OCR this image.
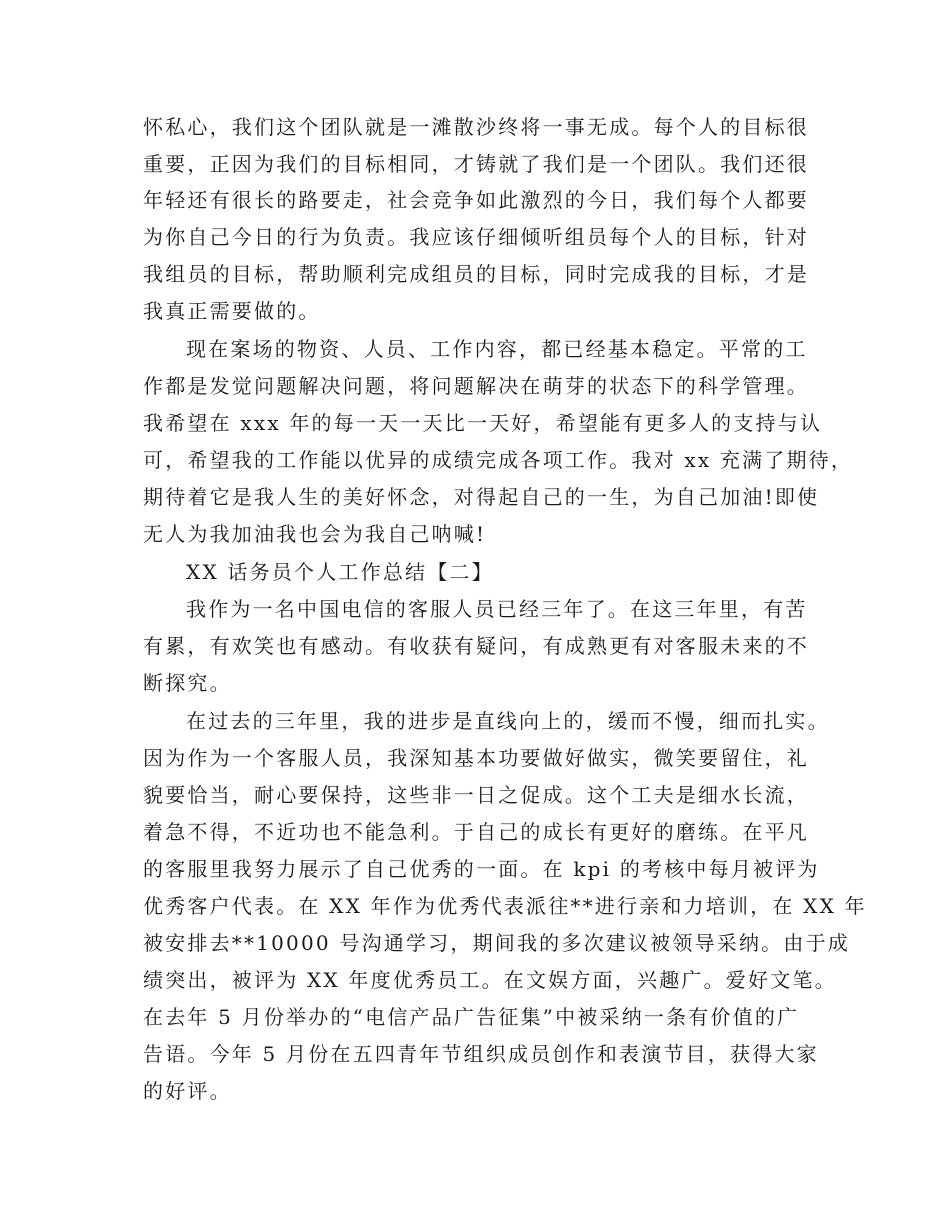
怀私心，我们这个团队就是一滩散沙终将一事无成。每个人的目标很

重要，正因为我们的目标相同，才铸就了我们是一个团队。我们还很

年轻还有很长的路要走，社会竞争如此激烈的今日，我们每个人都要

为你自己今日的行为负责。我应该仔细倾听组员每个人的目标，针对

我组员的目标，帮助顺利完成组员的目标，同时完成我的目标，才是

我真正需要做的。

现在案场的物资、人员、工作内容，都已经基本稳定。平常的工

作都是发觉问题解决问题，将问题解决在萌芽的状态下的科学管理。

我希望在 xxx 年的每一天一天比一天好，希望能有更多人的支持与认

可，希望我的工作能以优异的成绩完成各项工作。我对 xx 充满了期待，

期待着它是我人生的美好怀念，对得起自己的一生，为自己加油!即使

无人为我加油我也会为我自己呐喊!

XX 话务员个人工作总结【二】

我作为一名中国电信的客服人员已经三年了。在这三年里，有苦

有累，有欢笑也有感动。有收获有疑问，有成熟更有对客服未来的不

断探究。

在过去的三年里，我的进步是直线向上的，缓而不慢，细而扎实。

因为作为一个客服人员，我深知基本功要做好做实，微笑要留住，礼

貌要恰当，耐心要保持，这些非一日之促成。这个工夫是细水长流，

着急不得，不近功也不能急利。于自己的成长有更好的磨练。在平凡

的客服里我努力展示了自己优秀的一面。在 kpi 的考核中每月被评为

优秀客户代表。在 XX 年作为优秀代表派往**进行亲和力培训，在 XX 年

被安排去**10000 号沟通学习，期间我的多次建议被领导采纳。由于成

绩突出，被评为 XX 年度优秀员工。在文娱方面，兴趣广。爱好文笔。

在去年 5 月份举办的“电信产品广告征集”中被采纳一条有价值的广

告语。今年 5 月份在五四青年节组织成员创作和表演节目，获得大家

的好评。
